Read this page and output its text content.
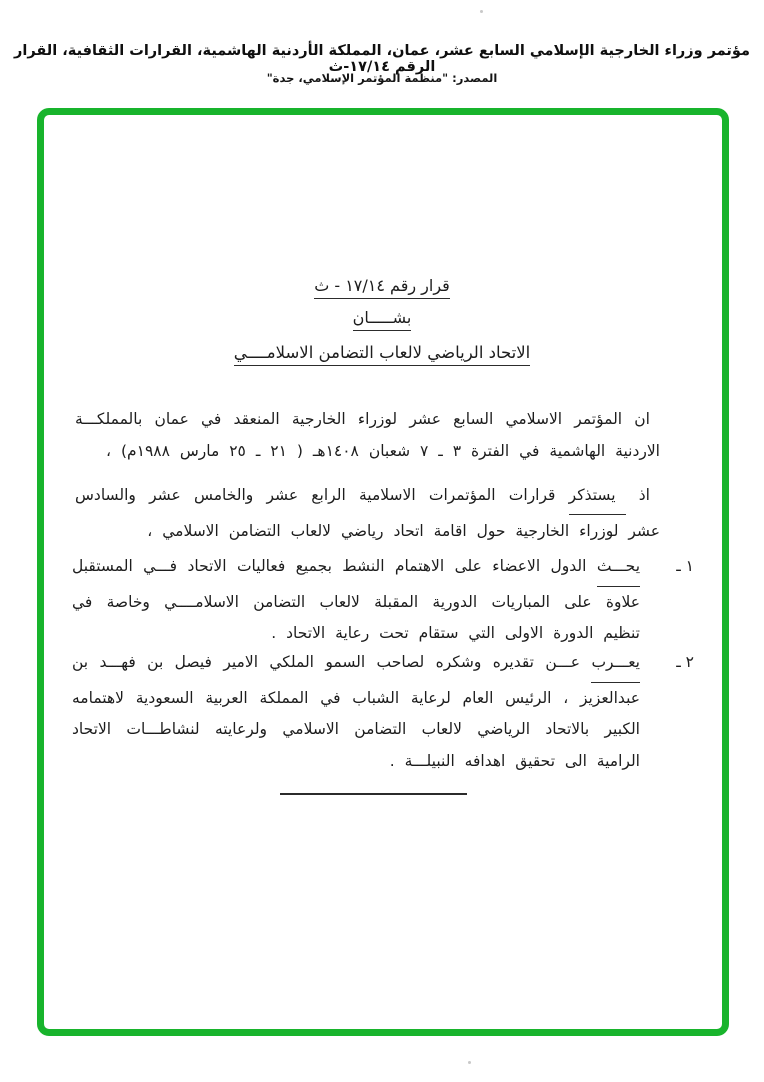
مؤتمر وزراء الخارجية الإسلامي السابع عشر، عمان، المملكة الأردنية الهاشمية، القرارات الثقافية، القرار الرقم ١٧/١٤-ث
المصدر: "منظمة المؤتمر الإسلامي، جدة"
قرار رقم ١٧/١٤ - ث
بشـــــان
الاتحاد الرياضي لالعاب التضامن الاسلامــــي
ان المؤتمر الاسلامي السابع عشر لوزراء الخارجية المنعقد في عمان بالمملكـــة الاردنية الهاشمية في الفترة ٣ ـ ٧ شعبان ١٤٠٨هـ ( ٢١ ـ ٢٥ مارس ١٩٨٨م) ،
اذ يستذكر قرارات المؤتمرات الاسلامية الرابع عشر والخامس عشر والسادس عشر لوزراء الخارجية حول اقامة اتحاد رياضي لالعاب التضامن الاسلامي ،
١ ـ
يحـــث الدول الاعضاء على الاهتمام النشط بجميع فعاليات الاتحاد فـــي المستقبل علاوة على المباريات الدورية المقبلة لالعاب التضامن الاسلامــــي وخاصة في تنظيم الدورة الاولى التي ستقام تحت رعاية الاتحاد .
٢ ـ
يعـــرب عـــن تقديره وشكره لصاحب السمو الملكي الامير فيصل بن فهـــد بن عبدالعزيز ، الرئيس العام لرعاية الشباب في المملكة العربية السعودية لاهتمامه الكبير بالاتحاد الرياضي لالعاب التضامن الاسلامي ولرعايته لنشاطـــات الاتحاد الرامية الى تحقيق اهدافه النبيلـــة .
